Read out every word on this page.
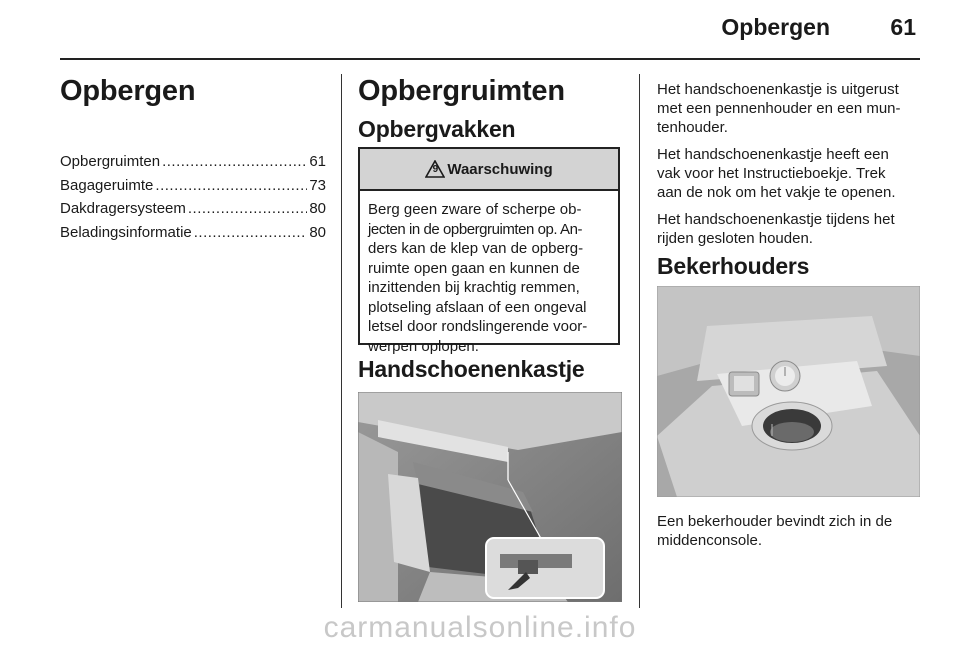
Opbergen	61
Opbergen
Opbergruimten .....	61
Bagageruimte .....	73
Dakdragersysteem .....	80
Beladingsinformatie .....	80
Opbergruimten
Opbergvakken
9 Waarschuwing
Berg geen zware of scherpe ob-
jecten in de opbergruimten op. An-
ders kan de klep van de opberg-
ruimte open gaan en kunnen de
inzittenden bij krachtig remmen,
plotseling afslaan of een ongeval
letsel door rondslingerende voor-
werpen oplopen.
Handschoenenkastje

Het handschoenenkastje is uitgerust
met een pennenhouder en een mun-
tenhouder.

Het handschoenenkastje heeft een
vak voor het Instructieboekje. Trek
aan de nok om het vakje te openen.

Het handschoenenkastje tijdens het
rijden gesloten houden.

Bekerhouders
Een bekerhouder bevindt zich in de
middenconsole.
carmanualsonline.info
